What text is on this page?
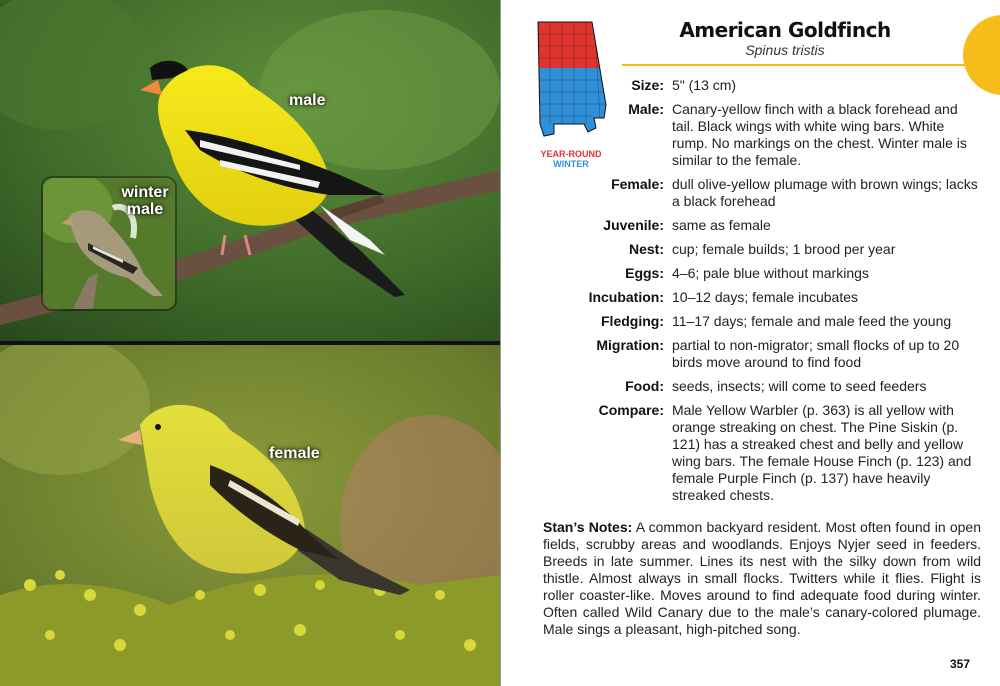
male
winter
male
female
YEAR-ROUND
WINTER
American Goldfinch
Spinus tristis
Size: 5" (13 cm)
Male: Canary-yellow finch with a black forehead and tail. Black wings with white wing bars. White rump. No markings on the chest. Winter male is similar to the female.
Female: dull olive-yellow plumage with brown wings; lacks a black forehead
Juvenile: same as female
Nest: cup; female builds; 1 brood per year
Eggs: 4–6; pale blue without markings
Incubation: 10–12 days; female incubates
Fledging: 11–17 days; female and male feed the young
Migration: partial to non-migrator; small flocks of up to 20 birds move around to find food
Food: seeds, insects; will come to seed feeders
Compare: Male Yellow Warbler (p. 363) is all yellow with orange streaking on chest. The Pine Siskin (p. 121) has a streaked chest and belly and yellow wing bars. The female House Finch (p. 123) and female Purple Finch (p. 137) have heavily streaked chests.
Stan’s Notes: A common backyard resident. Most often found in open fields, scrubby areas and woodlands. Enjoys Nyjer seed in feeders. Breeds in late summer. Lines its nest with the silky down from wild thistle. Almost always in small flocks. Twitters while it flies. Flight is roller coaster-like. Moves around to find adequate food during winter. Often called Wild Canary due to the male’s canary-colored plumage. Male sings a pleasant, high-pitched song.
357
